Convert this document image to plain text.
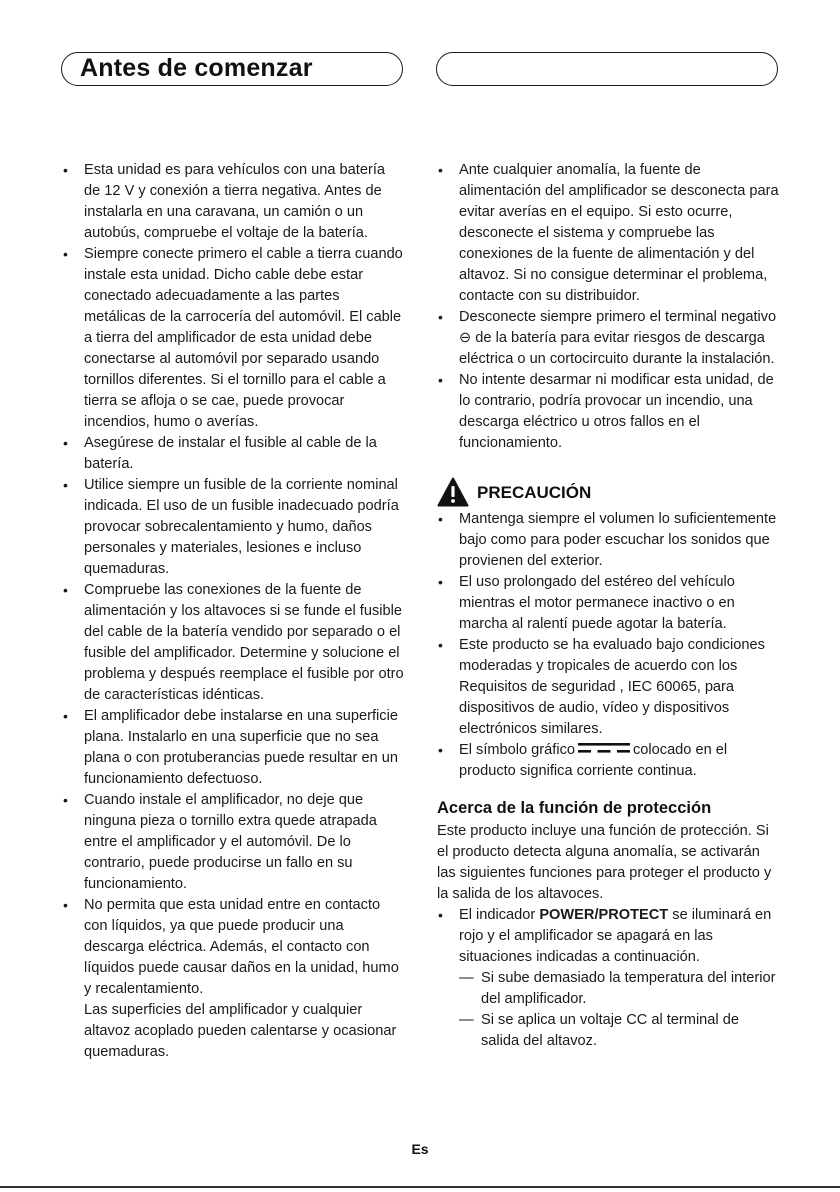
Antes de comenzar
• Esta unidad es para vehículos con una batería de 12 V y conexión a tierra negativa. Antes de instalarla en una caravana, un camión o un autobús, compruebe el voltaje de la batería.
• Siempre conecte primero el cable a tierra cuando instale esta unidad. Dicho cable debe estar conectado adecuadamente a las partes metálicas de la carrocería del automóvil. El cable a tierra del amplificador de esta unidad debe conectarse al automóvil por separado usando tornillos diferentes. Si el tornillo para el cable a tierra se afloja o se cae, puede provocar incendios, humo o averías.
• Asegúrese de instalar el fusible al cable de la batería.
• Utilice siempre un fusible de la corriente nominal indicada. El uso de un fusible inadecuado podría provocar sobrecalentamiento y humo, daños personales y materiales, lesiones e incluso quemaduras.
• Compruebe las conexiones de la fuente de alimentación y los altavoces si se funde el fusible del cable de la batería vendido por separado o el fusible del amplificador. Determine y solucione el problema y después reemplace el fusible por otro de características idénticas.
• El amplificador debe instalarse en una superficie plana. Instalarlo en una superficie que no sea plana o con protuberancias puede resultar en un funcionamiento defectuoso.
• Cuando instale el amplificador, no deje que ninguna pieza o tornillo extra quede atrapada entre el amplificador y el automóvil. De lo contrario, puede producirse un fallo en su funcionamiento.
• No permita que esta unidad entre en contacto con líquidos, ya que puede producir una descarga eléctrica. Además, el contacto con líquidos puede causar daños en la unidad, humo y recalentamiento.

Las superficies del amplificador y cualquier altavoz acoplado pueden calentarse y ocasionar quemaduras.

• Ante cualquier anomalía, la fuente de alimentación del amplificador se desconecta para evitar averías en el equipo. Si esto ocurre, desconecte el sistema y compruebe las conexiones de la fuente de alimentación y del altavoz. Si no consigue determinar el problema, contacte con su distribuidor.
• Desconecte siempre primero el terminal negativo ⊖ de la batería para evitar riesgos de descarga eléctrica o un cortocircuito durante la instalación.
• No intente desarmar ni modificar esta unidad, de lo contrario, podría provocar un incendio, una descarga eléctrico u otros fallos en el funcionamiento.
PRECAUCIÓN
• Mantenga siempre el volumen lo suficientemente bajo como para poder escuchar los sonidos que provienen del exterior.
• El uso prolongado del estéreo del vehículo mientras el motor permanece inactivo o en marcha al ralentí puede agotar la batería.
• Este producto se ha evaluado bajo condiciones moderadas y tropicales de acuerdo con los Requisitos de seguridad , IEC 60065, para dispositivos de audio, vídeo y dispositivos electrónicos similares.
• El símbolo gráfico	colocado en el producto significa corriente continua.
Acerca de la función de protección

Este producto incluye una función de protección. Si el producto detecta alguna anomalía, se activarán las siguientes funciones para proteger el producto y la salida de los altavoces.

• El indicador POWER/PROTECT se iluminará en rojo y el amplificador se apagará en las situaciones indicadas a continuación.
— Si sube demasiado la temperatura del interior del amplificador.
— Si se aplica un voltaje CC al terminal de salida del altavoz.
Es
